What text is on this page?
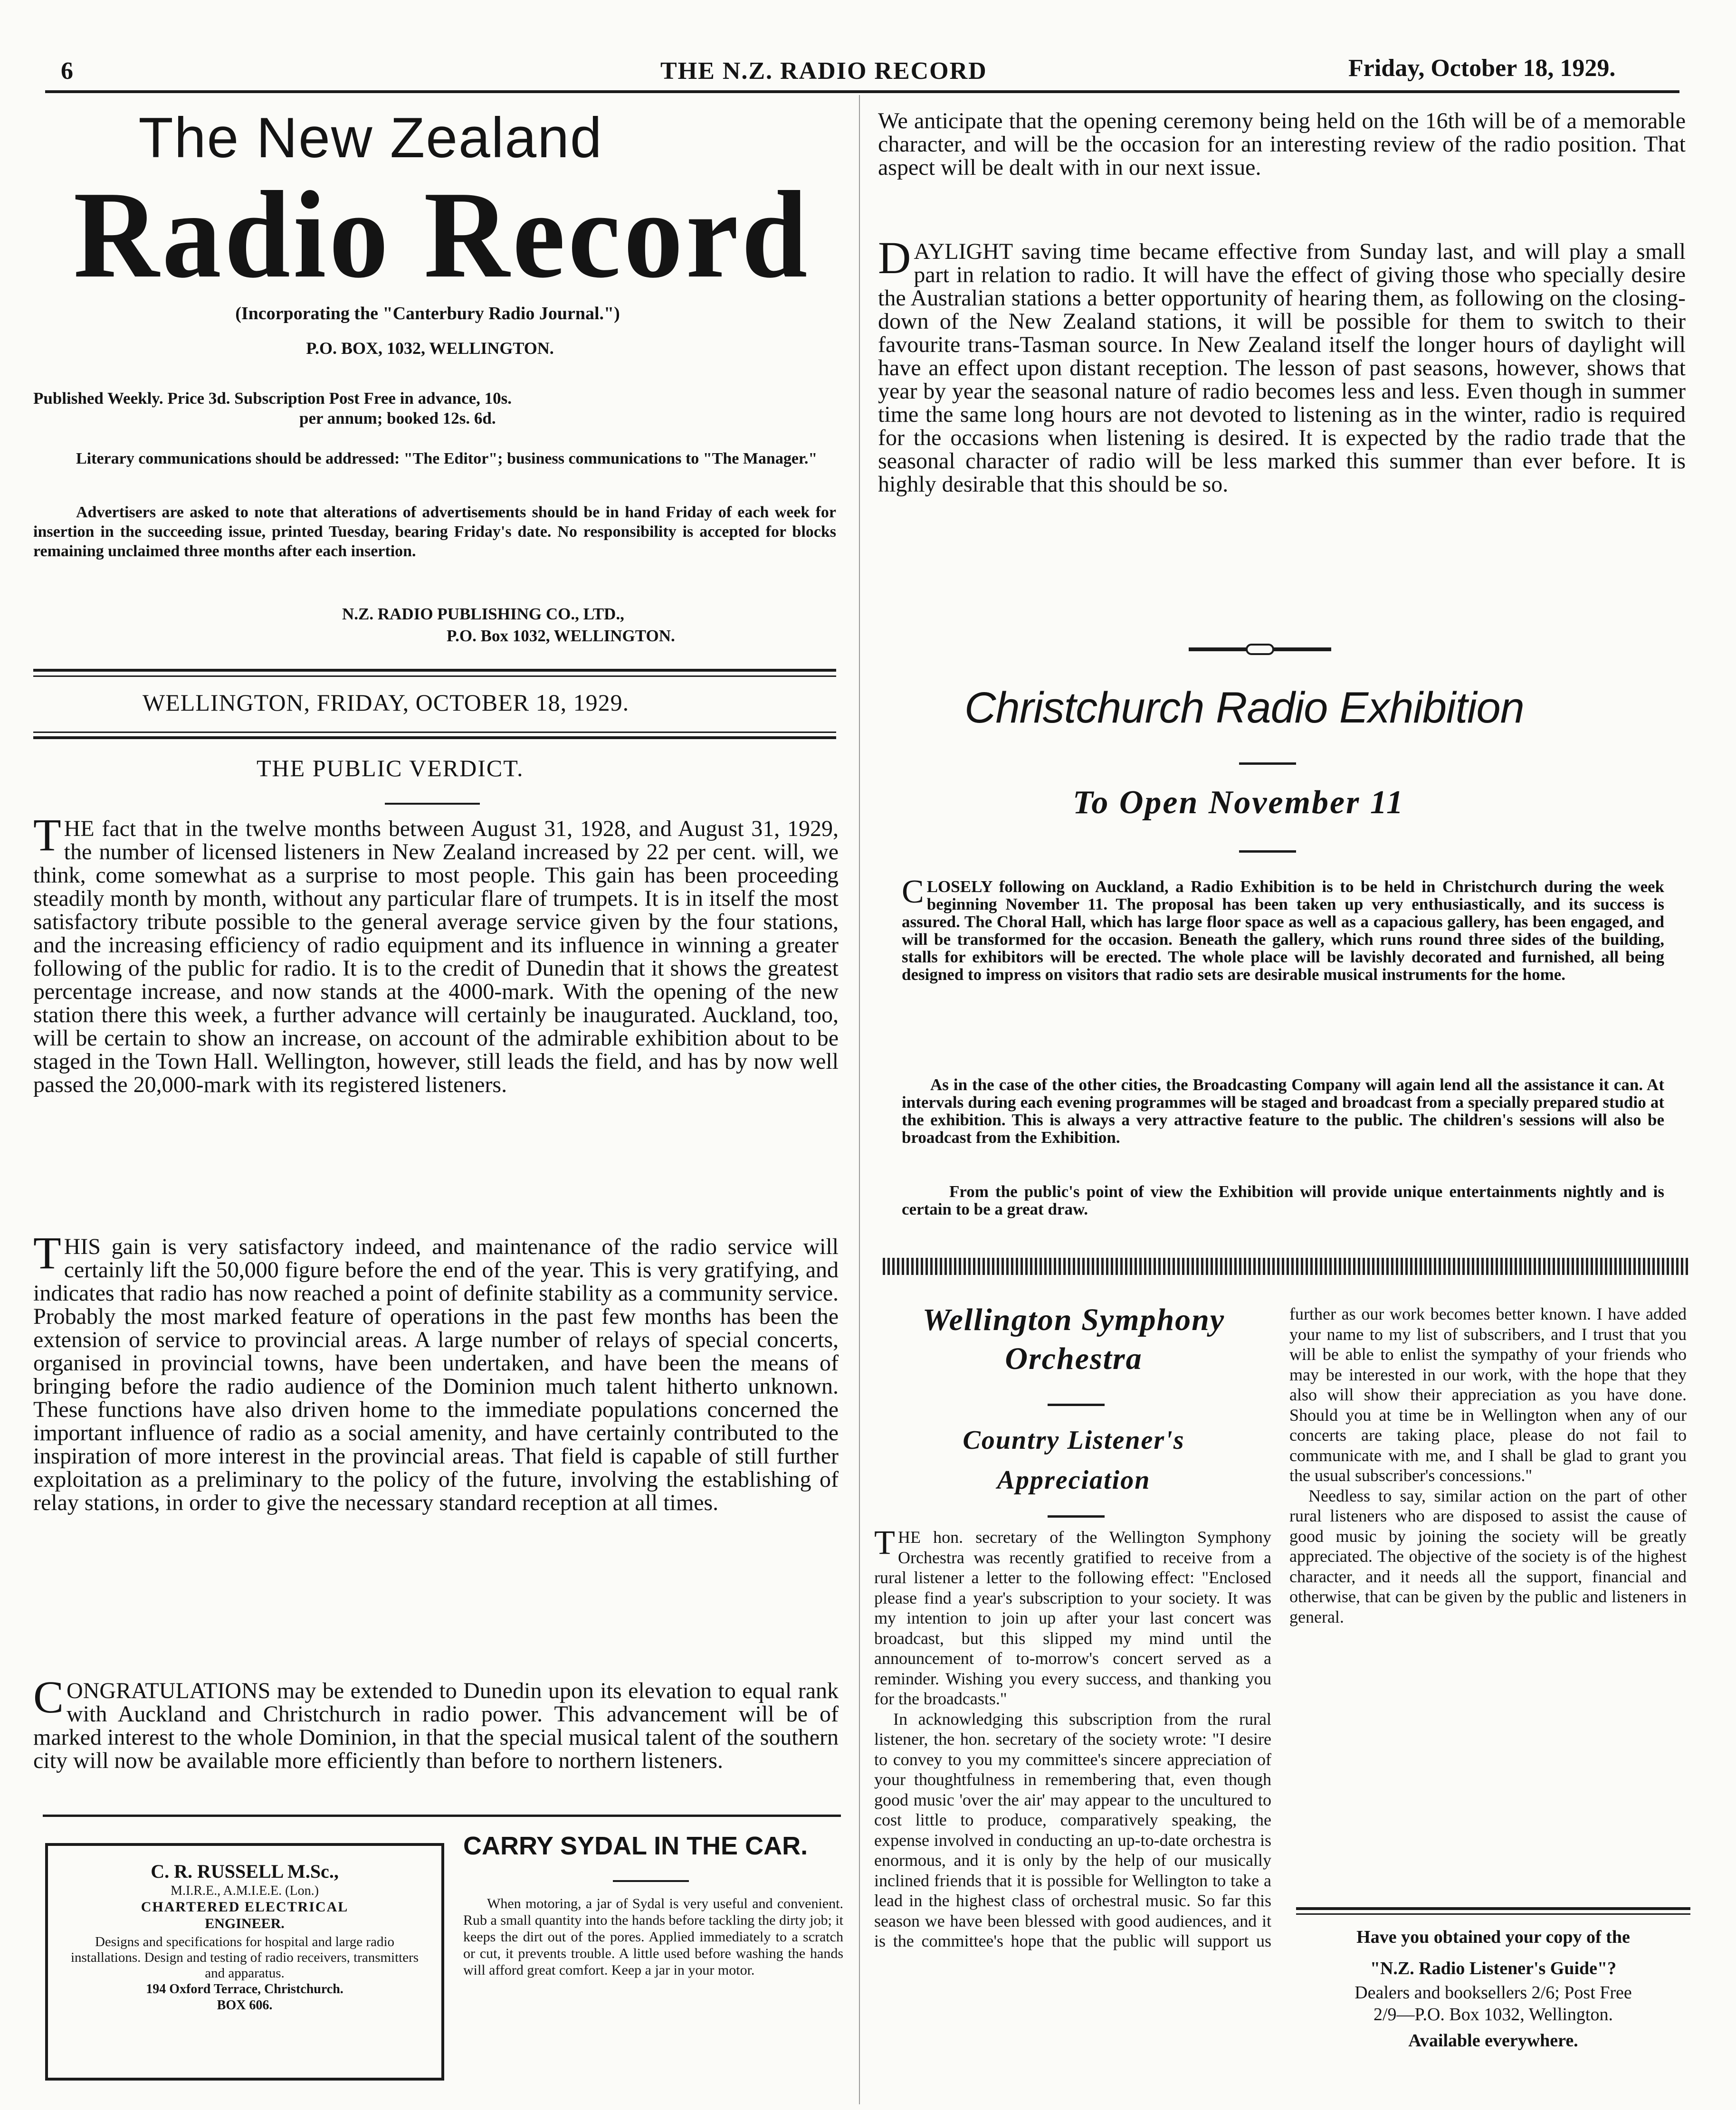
6	THE N.Z. RADIO RECORD	Friday, October 18, 1929.
The New Zealand
Radio Record
(Incorporating the "Canterbury Radio Journal.")
P.O. BOX, 1032, WELLINGTON.
Published Weekly. Price 3d. Subscription Post Free in advance, 10s.
per annum; booked 12s. 6d.
Literary communications should be addressed: "The Editor"; business communications to "The Manager."
Advertisers are asked to note that alterations of advertisements should be in hand Friday of each week for insertion in the succeeding issue, printed Tuesday, bearing Friday's date. No responsibility is accepted for blocks remaining unclaimed three months after each insertion.
N.Z. RADIO PUBLISHING CO., LTD.,
P.O. Box 1032, WELLINGTON.
WELLINGTON, FRIDAY, OCTOBER 18, 1929.
THE PUBLIC VERDICT.
THE fact that in the twelve months between August 31, 1928, and August 31, 1929, the number of licensed listeners in New Zealand increased by 22 per cent. will, we think, come somewhat as a surprise to most people. This gain has been proceeding steadily month by month, without any particular flare of trumpets. It is in itself the most satisfactory tribute possible to the general average service given by the four stations, and the increasing efficiency of radio equipment and its influence in winning a greater following of the public for radio. It is to the credit of Dunedin that it shows the greatest percentage increase, and now stands at the 4000-mark. With the opening of the new station there this week, a further advance will certainly be inaugurated. Auckland, too, will be certain to show an increase, on account of the admirable exhibition about to be staged in the Town Hall. Wellington, however, still leads the field, and has by now well passed the 20,000-mark with its registered listeners.
THIS gain is very satisfactory indeed, and maintenance of the radio service will certainly lift the 50,000 figure before the end of the year. This is very gratifying, and indicates that radio has now reached a point of definite stability as a community service. Probably the most marked feature of operations in the past few months has been the extension of service to provincial areas. A large number of relays of special concerts, organised in provincial towns, have been undertaken, and have been the means of bringing before the radio audience of the Dominion much talent hitherto unknown. These functions have also driven home to the immediate populations concerned the important influence of radio as a social amenity, and have certainly contributed to the inspiration of more interest in the provincial areas. That field is capable of still further exploitation as a preliminary to the policy of the future, involving the establishing of relay stations, in order to give the necessary standard reception at all times.
CONGRATULATIONS may be extended to Dunedin upon its elevation to equal rank with Auckland and Christchurch in radio power. This advancement will be of marked interest to the whole Dominion, in that the special musical talent of the southern city will now be available more efficiently than before to northern listeners.
C. R. RUSSELL M.Sc.,
M.I.R.E., A.M.I.E.E. (Lon.)
CHARTERED ELECTRICAL
ENGINEER.
Designs and specifications for hospital and large radio installations. Design and testing of radio receivers, transmitters and apparatus.
194 Oxford Terrace, Christchurch.
BOX 606.
CARRY SYDAL IN THE CAR.
When motoring, a jar of Sydal is very useful and convenient. Rub a small quantity into the hands before tackling the dirty job; it keeps the dirt out of the pores. Applied immediately to a scratch or cut, it prevents trouble. A little used before washing the hands will afford great comfort. Keep a jar in your motor.
We anticipate that the opening ceremony being held on the 16th will be of a memorable character, and will be the occasion for an interesting review of the radio position. That aspect will be dealt with in our next issue.
DAYLIGHT saving time became effective from Sunday last, and will play a small part in relation to radio. It will have the effect of giving those who specially desire the Australian stations a better opportunity of hearing them, as following on the closing-down of the New Zealand stations, it will be possible for them to switch to their favourite trans-Tasman source. In New Zealand itself the longer hours of daylight will have an effect upon distant reception. The lesson of past seasons, however, shows that year by year the seasonal nature of radio becomes less and less. Even though in summer time the same long hours are not devoted to listening as in the winter, radio is required for the occasions when listening is desired. It is expected by the radio trade that the seasonal character of radio will be less marked this summer than ever before. It is highly desirable that this should be so.
Christchurch Radio Exhibition
To Open November 11
CLOSELY following on Auckland, a Radio Exhibition is to be held in Christchurch during the week beginning November 11. The proposal has been taken up very enthusiastically, and its success is assured. The Choral Hall, which has large floor space as well as a capacious gallery, has been engaged, and will be transformed for the occasion. Beneath the gallery, which runs round three sides of the building, stalls for exhibitors will be erected. The whole place will be lavishly decorated and furnished, all being designed to impress on visitors that radio sets are desirable musical instruments for the home.
As in the case of the other cities, the Broadcasting Company will again lend all the assistance it can. At intervals during each evening programmes will be staged and broadcast from a specially prepared studio at the exhibition. This is always a very attractive feature to the public. The children's sessions will also be broadcast from the Exhibition.
From the public's point of view the Exhibition will provide unique entertainments nightly and is certain to be a great draw.
Wellington Symphony Orchestra
Country Listener's Appreciation

THE hon. secretary of the Wellington Symphony Orchestra was recently gratified to receive from a rural listener a letter to the following effect: "Enclosed please find a year's subscription to your society. It was my intention to join up after your last concert was broadcast, but this slipped my mind until the announcement of to-morrow's concert served as a reminder. Wishing you every success, and thanking you for the broadcasts."

In acknowledging this subscription from the rural listener, the hon. secretary of the society wrote: "I desire to convey to you my committee's sincere appreciation of your thoughtfulness in remembering that, even though good music 'over the air' may appear to the uncultured to cost little to produce, comparatively speaking, the expense involved in conducting an up-to-date orchestra is enormous, and it is only by the help of our musically inclined friends that it is possible for Wellington to take a lead in the highest class of orchestral music. So far this season we have been blessed with good audiences, and it is the committee's hope that the public will support us further as our work becomes better known. I have added your name to my list of subscribers, and I trust that you will be able to enlist the sympathy of your friends who may be interested in our work, with the hope that they also will show their appreciation as you have done. Should you at time be in Wellington when any of our concerts are taking place, please do not fail to communicate with me, and I shall be glad to grant you the usual subscriber's concessions."

Needless to say, similar action on the part of other rural listeners who are disposed to assist the cause of good music by joining the society will be greatly appreciated. The objective of the society is of the highest character, and it needs all the support, financial and otherwise, that can be given by the public and listeners in general.

Have you obtained your copy of the
"N.Z. Radio Listener's Guide"?
Dealers and booksellers 2/6; Post Free
2/9—P.O. Box 1032, Wellington.
Available everywhere.
